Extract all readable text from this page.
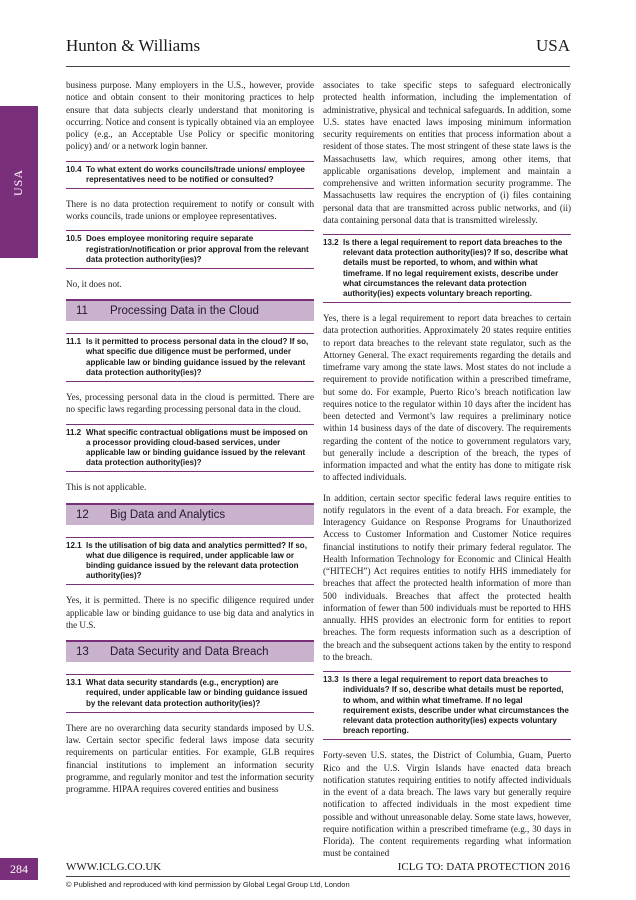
Hunton & Williams	USA
USA

business purpose. Many employers in the U.S., however, provide notice and obtain consent to their monitoring practices to help ensure that data subjects clearly understand that monitoring is occurring. Notice and consent is typically obtained via an employee policy (e.g., an Acceptable Use Policy or specific monitoring policy) and/ or a network login banner.

10.4 To what extent do works councils/trade unions/ employee representatives need to be notified or consulted?

There is no data protection requirement to notify or consult with works councils, trade unions or employee representatives.

10.5 Does employee monitoring require separate registration/notification or prior approval from the relevant data protection authority(ies)?

No, it does not.

11	Processing Data in the Cloud
11.1 Is it permitted to process personal data in the cloud? If so, what specific due diligence must be performed, under applicable law or binding guidance issued by the relevant data protection authority(ies)?

Yes, processing personal data in the cloud is permitted. There are no specific laws regarding processing personal data in the cloud.

11.2 What specific contractual obligations must be imposed on a processor providing cloud-based services, under applicable law or binding guidance issued by the relevant data protection authority(ies)?

This is not applicable.

12	Big Data and Analytics
12.1 Is the utilisation of big data and analytics permitted? If so, what due diligence is required, under applicable law or binding guidance issued by the relevant data protection authority(ies)?

Yes, it is permitted. There is no specific diligence required under applicable law or binding guidance to use big data and analytics in the U.S.

13	Data Security and Data Breach
13.1 What data security standards (e.g., encryption) are required, under applicable law or binding guidance issued by the relevant data protection authority(ies)?

There are no overarching data security standards imposed by U.S. law. Certain sector specific federal laws impose data security requirements on particular entities. For example, GLB requires financial institutions to implement an information security programme, and regularly monitor and test the information security programme. HIPAA requires covered entities and business

associates to take specific steps to safeguard electronically protected health information, including the implementation of administrative, physical and technical safeguards. In addition, some U.S. states have enacted laws imposing minimum information security requirements on entities that process information about a resident of those states. The most stringent of these state laws is the Massachusetts law, which requires, among other items, that applicable organisations develop, implement and maintain a comprehensive and written information security programme. The Massachusetts law requires the encryption of (i) files containing personal data that are transmitted across public networks, and (ii) data containing personal data that is transmitted wirelessly.

13.2 Is there a legal requirement to report data breaches to the relevant data protection authority(ies)? If so, describe what details must be reported, to whom, and within what timeframe. If no legal requirement exists, describe under what circumstances the relevant data protection authority(ies) expects voluntary breach reporting.

Yes, there is a legal requirement to report data breaches to certain data protection authorities. Approximately 20 states require entities to report data breaches to the relevant state regulator, such as the Attorney General. The exact requirements regarding the details and timeframe vary among the state laws. Most states do not include a requirement to provide notification within a prescribed timeframe, but some do. For example, Puerto Rico’s breach notification law requires notice to the regulator within 10 days after the incident has been detected and Vermont’s law requires a preliminary notice within 14 business days of the date of discovery. The requirements regarding the content of the notice to government regulators vary, but generally include a description of the breach, the types of information impacted and what the entity has done to mitigate risk to affected individuals.

In addition, certain sector specific federal laws require entities to notify regulators in the event of a data breach. For example, the Interagency Guidance on Response Programs for Unauthorized Access to Customer Information and Customer Notice requires financial institutions to notify their primary federal regulator. The Health Information Technology for Economic and Clinical Health (“HITECH”) Act requires entities to notify HHS immediately for breaches that affect the protected health information of more than 500 individuals. Breaches that affect the protected health information of fewer than 500 individuals must be reported to HHS annually. HHS provides an electronic form for entities to report breaches. The form requests information such as a description of the breach and the subsequent actions taken by the entity to respond to the breach.

13.3 Is there a legal requirement to report data breaches to individuals? If so, describe what details must be reported, to whom, and within what timeframe. If no legal requirement exists, describe under what circumstances the relevant data protection authority(ies) expects voluntary breach reporting.

Forty-seven U.S. states, the District of Columbia, Guam, Puerto Rico and the U.S. Virgin Islands have enacted data breach notification statutes requiring entities to notify affected individuals in the event of a data breach. The laws vary but generally require notification to affected individuals in the most expedient time possible and without unreasonable delay. Some state laws, however, require notification within a prescribed timeframe (e.g., 30 days in Florida). The content requirements regarding what information must be contained

284	WWW.ICLG.CO.UK	ICLG TO: DATA PROTECTION 2016
© Published and reproduced with kind permission by Global Legal Group Ltd, London
